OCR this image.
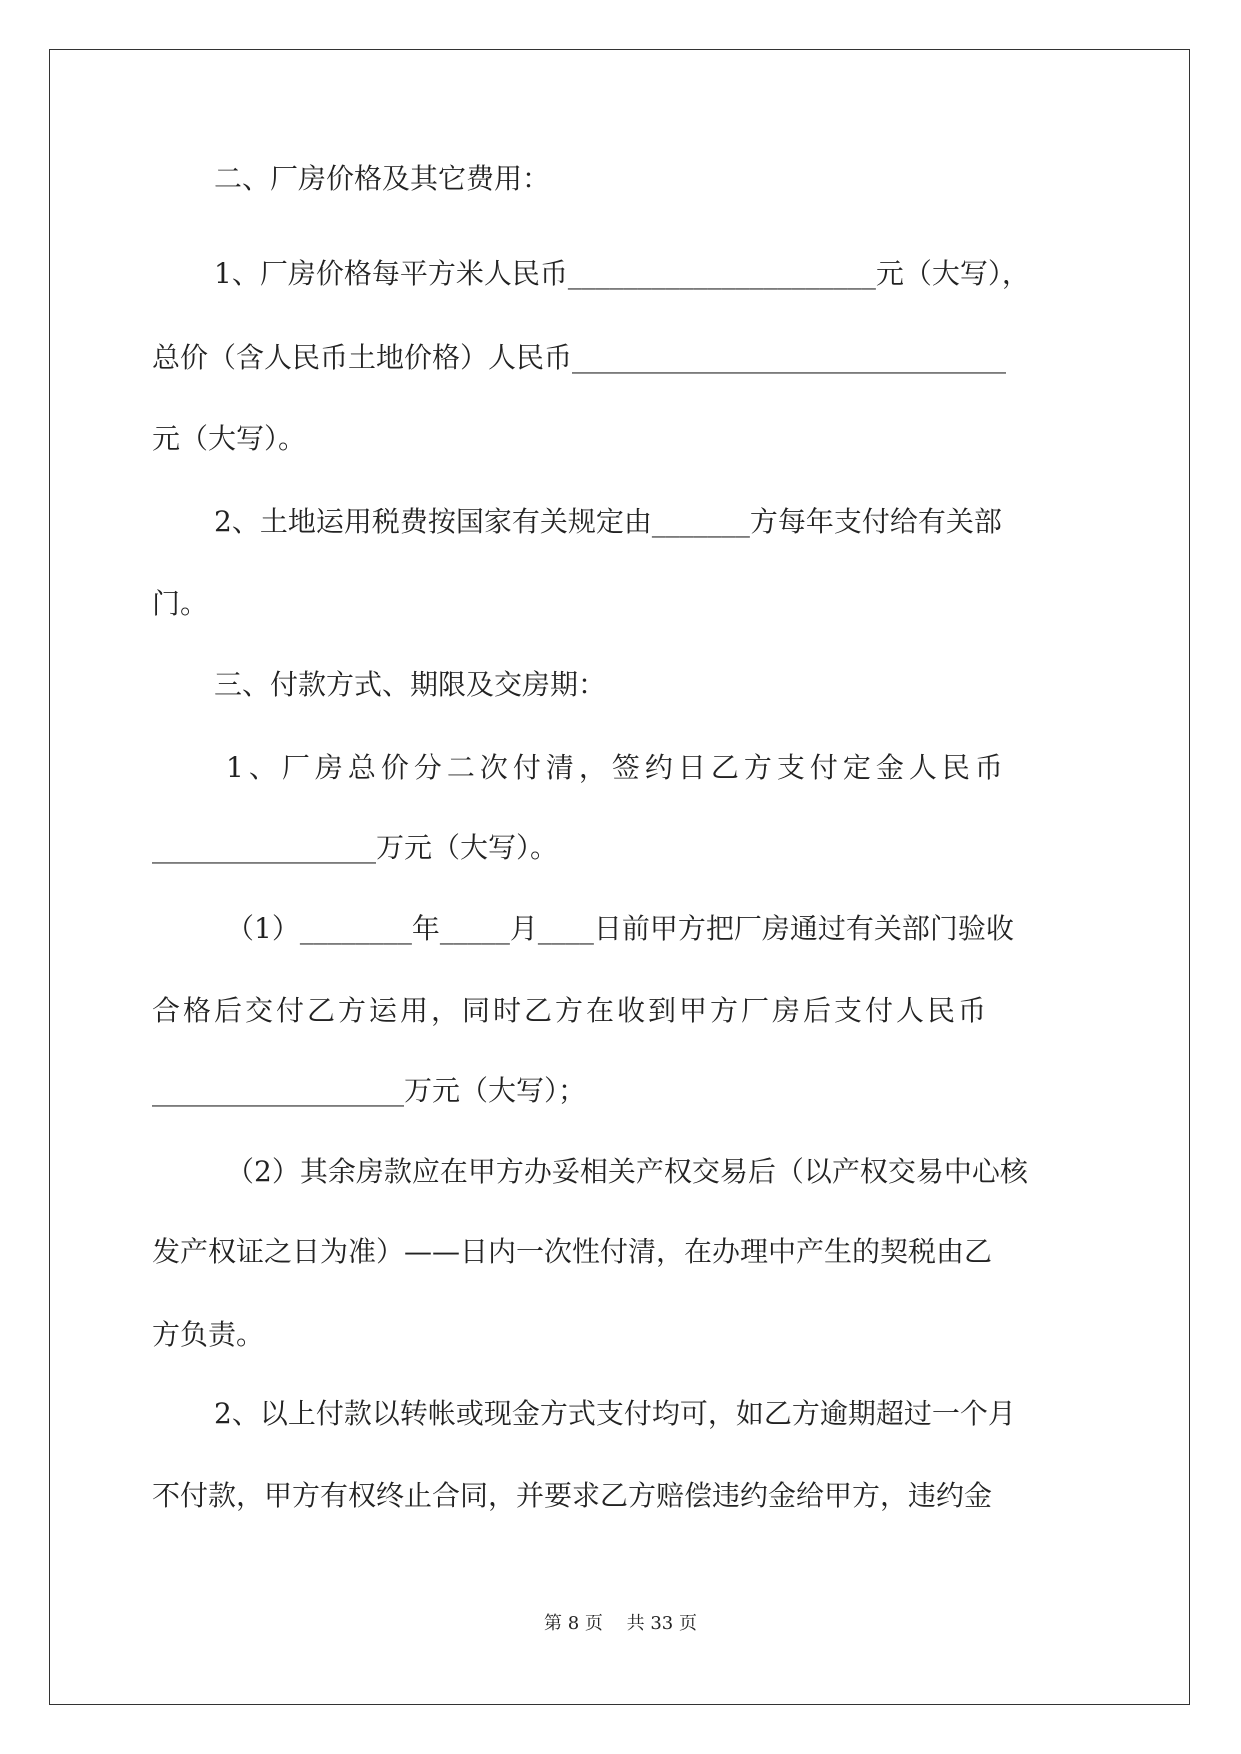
二、厂房价格及其它费用：
1、厂房价格每平方米人民币______________________元（大写），
总价（含人民币土地价格）人民币_______________________________
元（大写）。
2、土地运用税费按国家有关规定由_______方每年支付给有关部
门。
三、付款方式、期限及交房期：
1、厂房总价分二次付清，签约日乙方支付定金人民币
________________万元（大写）。
（1）________年_____月____日前甲方把厂房通过有关部门验收
合格后交付乙方运用，同时乙方在收到甲方厂房后支付人民币
__________________万元（大写）；
（2）其余房款应在甲方办妥相关产权交易后（以产权交易中心核
发产权证之日为准）——日内一次性付清，在办理中产生的契税由乙
方负责。
2、以上付款以转帐或现金方式支付均可，如乙方逾期超过一个月
不付款，甲方有权终止合同，并要求乙方赔偿违约金给甲方，违约金
第 8 页　 共 33 页
